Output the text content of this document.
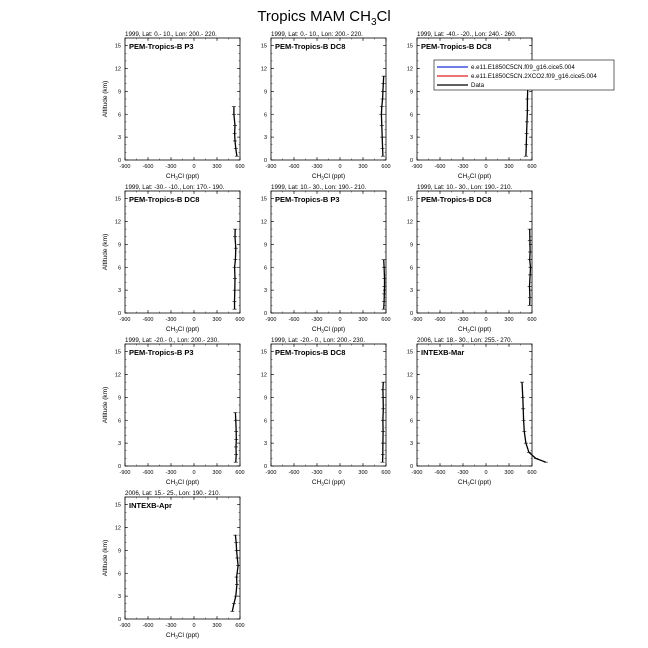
Tropics MAM $CH_3Cl$
1999, Lat: 0.- 10., Lon: 200.- 220.
PEM-Tropics-B P3
-900 -600 -300	0	300	600
0
3
6
9
12
15
$CH_3Cl$ (ppt)
Altitude (km)
1999, Lat: 0.- 10., Lon: 200.- 220.
PEM-Tropics-B DC8
-900 -600 -300	0	300	600
0
3
6
9
12
15
$CH_3Cl$ (ppt)
1999, Lat: -40.- -20., Lon: 240.- 260.
PEM-Tropics-B DC8
-900 -600 -300	0	300	600
0
3
6
9
12
15
$CH_3Cl$ (ppt)
1999, Lat: -30.- -10., Lon: 170.- 190.
PEM-Tropics-B DC8
-900 -600 -300	0	300	600
0
3
6
9
12
15
$CH_3Cl$ (ppt)
Altitude (km)
1999, Lat: 10.- 30., Lon: 190.- 210.
PEM-Tropics-B P3
-900 -600 -300	0	300	600
0
3
6
9
12
15
$CH_3Cl$ (ppt)
1999, Lat: 10.- 30., Lon: 190.- 210.
PEM-Tropics-B DC8
-900 -600 -300	0	300	600
0
3
6
9
12
15
$CH_3Cl$ (ppt)
1999, Lat: -20.- 0., Lon: 200.- 230.
PEM-Tropics-B P3
-900 -600 -300	0	300	600
0
3
6
9
12
15
$CH_3Cl$ (ppt)
Altitude (km)
1999, Lat: -20.- 0., Lon: 200.- 230.
PEM-Tropics-B DC8
-900 -600 -300	0	300	600
0
3
6
9
12
15
$CH_3Cl$ (ppt)
2006, Lat: 18.- 30., Lon: 255.- 270.
INTEXB-Mar
-900 -600 -300	0	300	600
0
3
6
9
12
15
$CH_3Cl$ (ppt)
2006, Lat: 15.- 25., Lon: 190.- 210.
INTEXB-Apr
-900 -600 -300	0	300	600
0
3
6
9
12
15
$CH_3Cl$ (ppt)
Altitude (km)
e.e11.E1850C5CN.f09_g16.cice5.004
e.e11.E1850C5CN.2XCO2.f09_g16.cice5.004
Data
